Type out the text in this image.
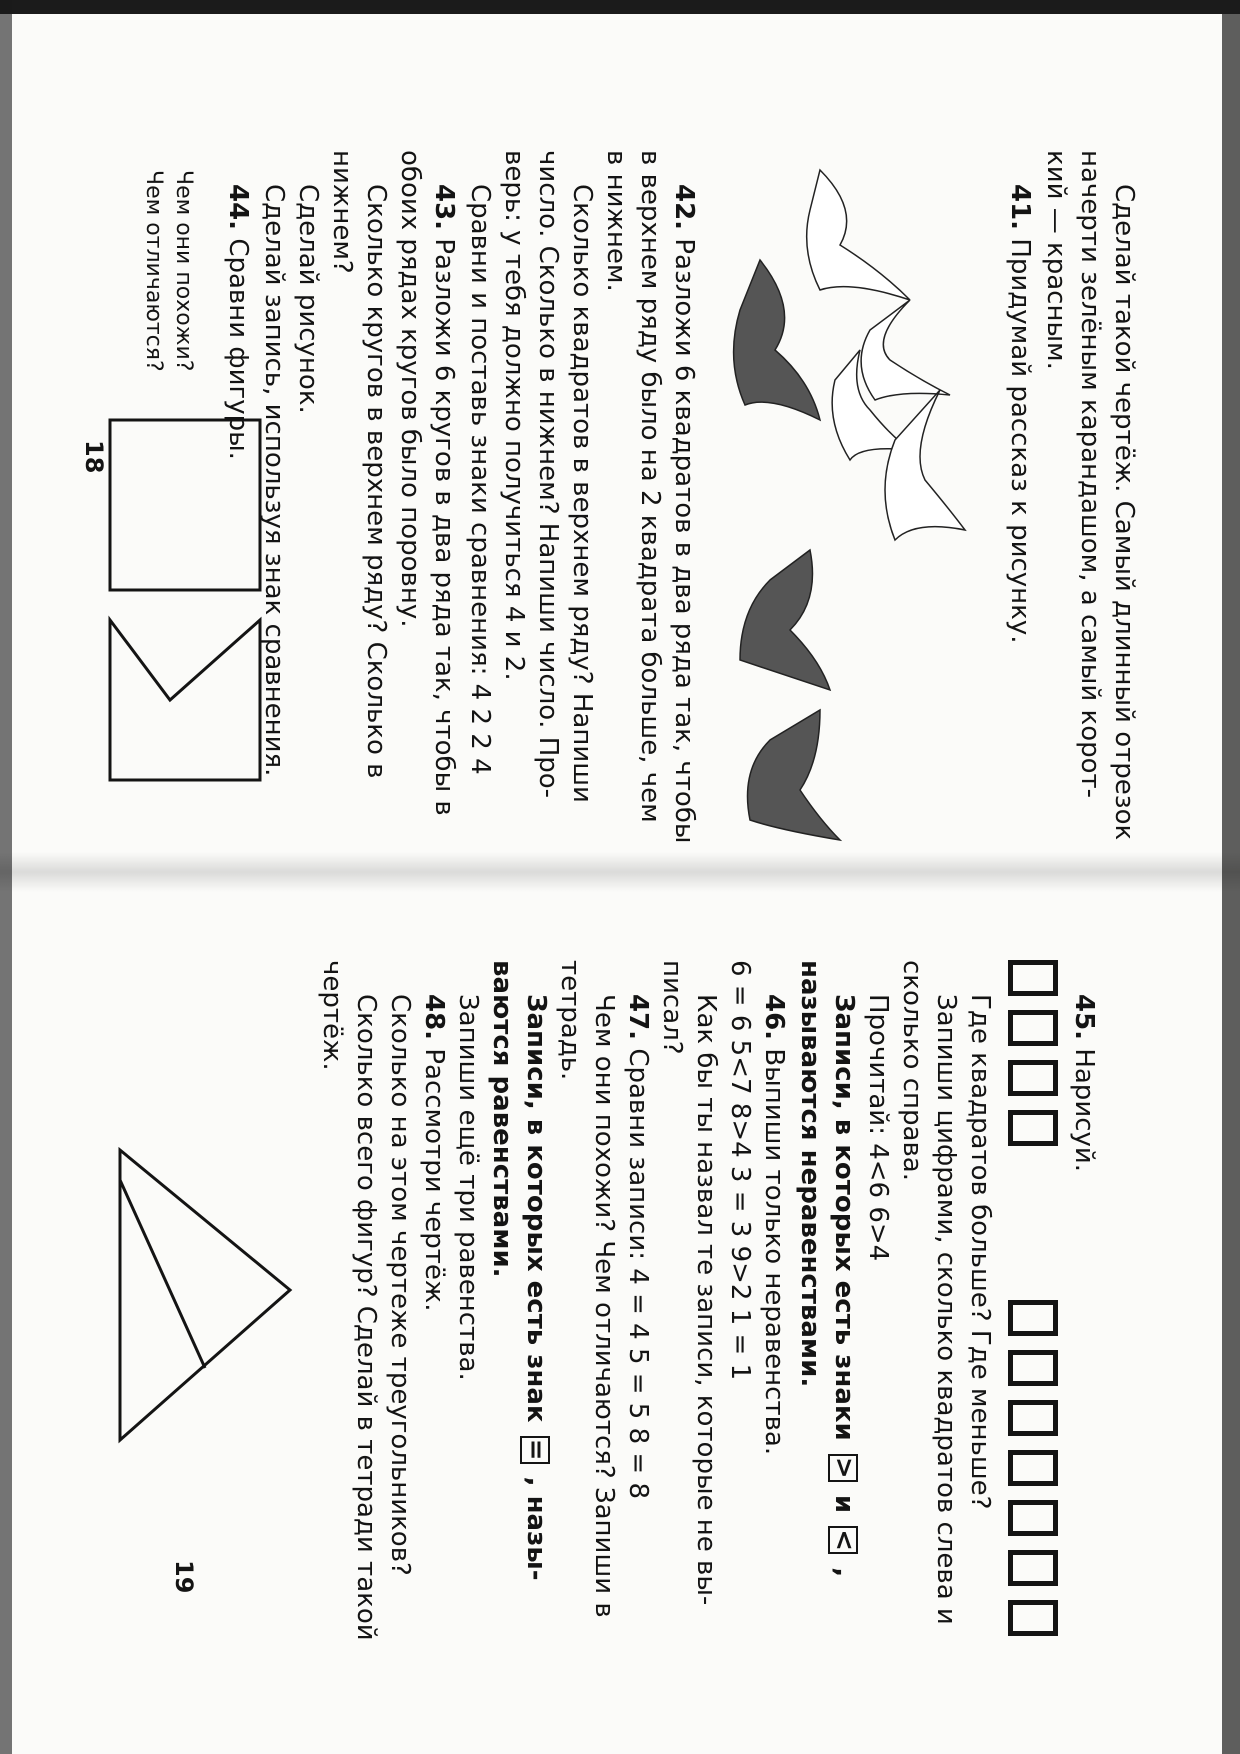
Сделай такой чертёж. Самый длинный отрезок
начерти зелёным карандашом, а самый корот-
кий — красным.
41. Придумай рассказ к рисунку.
42. Разложи 6 квадратов в два ряда так, чтобы
в верхнем ряду было на 2 квадрата больше, чем
в нижнем.
Сколько квадратов в верхнем ряду? Напиши
число. Сколько в нижнем? Напиши число. Про-
верь: у тебя должно получиться 4 и 2.
Сравни и поставь знаки сравнения: 4 2 2 4
43. Разложи 6 кругов в два ряда так, чтобы в
обоих рядах кругов было поровну.
Сколько кругов в верхнем ряду? Сколько в
нижнем?
Сделай рисунок.
Сделай запись, используя знак сравнения.
44. Сравни фигуры.
Чем они похожи?
Чем отличаются?
18
45. Нарисуй.
Где квадратов больше? Где меньше?
Запиши цифрами, сколько квадратов слева и
сколько справа.
Прочитай: 4<6 6>4
Записи, в которых есть знаки > и < ,
называются неравенствами.
46. Выпиши только неравенства.
6 = 6 5<7 8>4 3 = 3 9>2 1 = 1
Как бы ты назвал те записи, которые не вы-
писал?
47. Сравни записи: 4 = 4 5 = 5 8 = 8
Чем они похожи? Чем отличаются? Запиши в
тетрадь.
Записи, в которых есть знак = , назы-
ваются равенствами.
Запиши ещё три равенства.
48. Рассмотри чертёж.
Сколько на этом чертеже треугольников?
Сколько всего фигур? Сделай в тетради такой
чертёж.
19
